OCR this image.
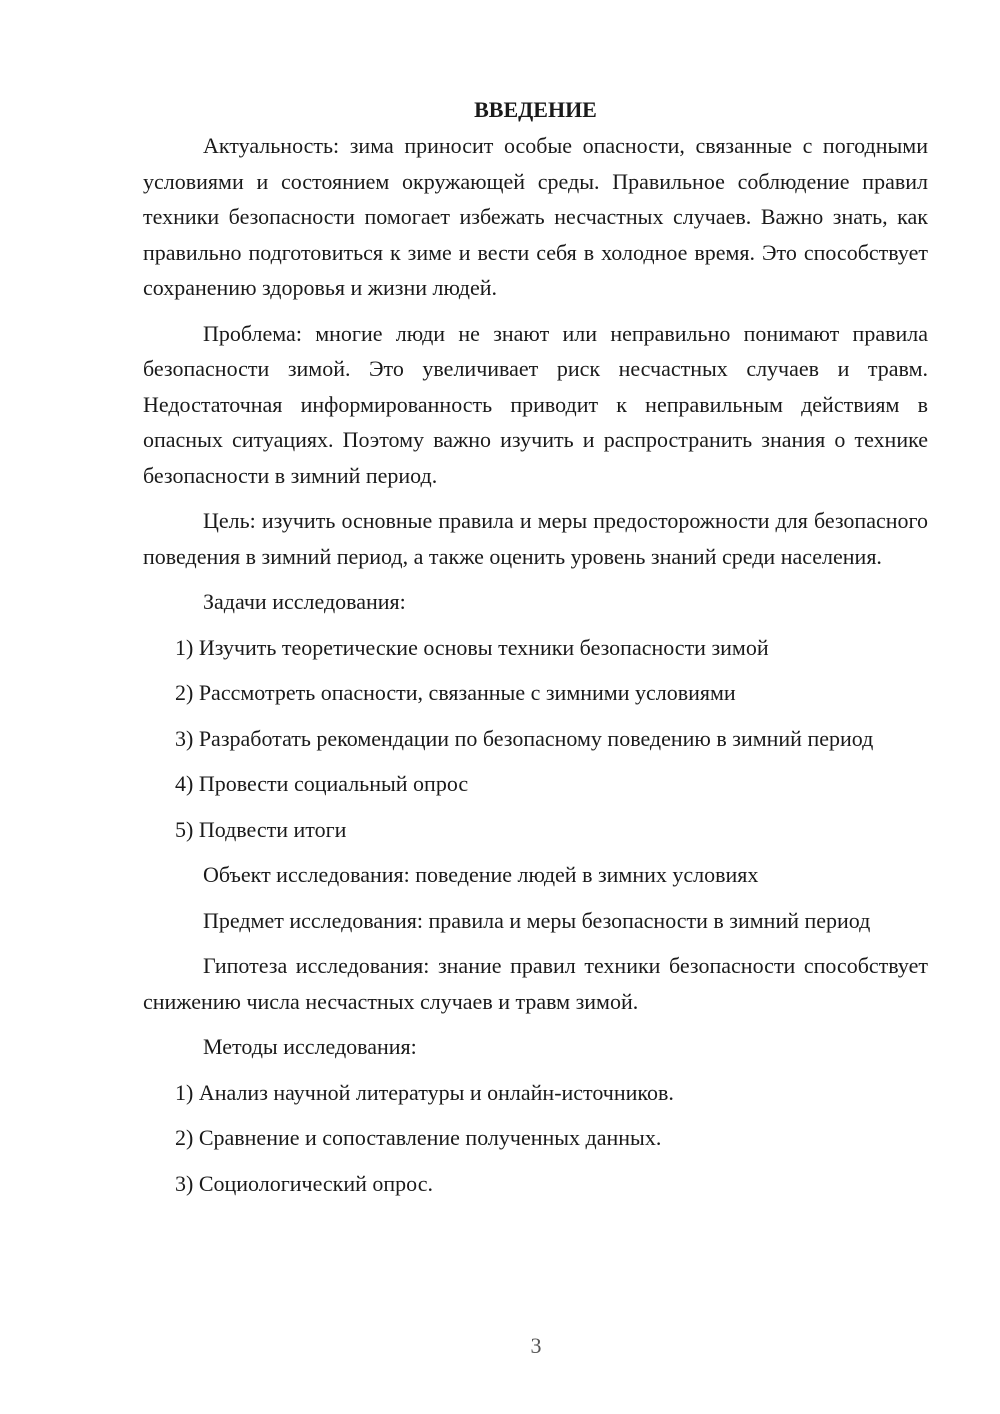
ВВЕДЕНИЕ

Актуальность: зима приносит особые опасности, связанные с погодными условиями и состоянием окружающей среды. Правильное соблюдение правил техники безопасности помогает избежать несчастных случаев. Важно знать, как правильно подготовиться к зиме и вести себя в холодное время. Это способствует сохранению здоровья и жизни людей.

Проблема: многие люди не знают или неправильно понимают правила безопасности зимой. Это увеличивает риск несчастных случаев и травм. Недостаточная информированность приводит к неправильным действиям в опасных ситуациях. Поэтому важно изучить и распространить знания о технике безопасности в зимний период.

Цель: изучить основные правила и меры предосторожности для безопасного поведения в зимний период, а также оценить уровень знаний среди населения.

Задачи исследования:

1) Изучить теоретические основы техники безопасности зимой

2) Рассмотреть опасности, связанные с зимними условиями

3) Разработать рекомендации по безопасному поведению в зимний период

4) Провести социальный опрос

5) Подвести итоги

Объект исследования: поведение людей в зимних условиях

Предмет исследования: правила и меры безопасности в зимний период

Гипотеза исследования: знание правил техники безопасности способствует снижению числа несчастных случаев и травм зимой.

Методы исследования:

1) Анализ научной литературы и онлайн-источников.

2) Сравнение и сопоставление полученных данных.

3) Социологический опрос.

3
